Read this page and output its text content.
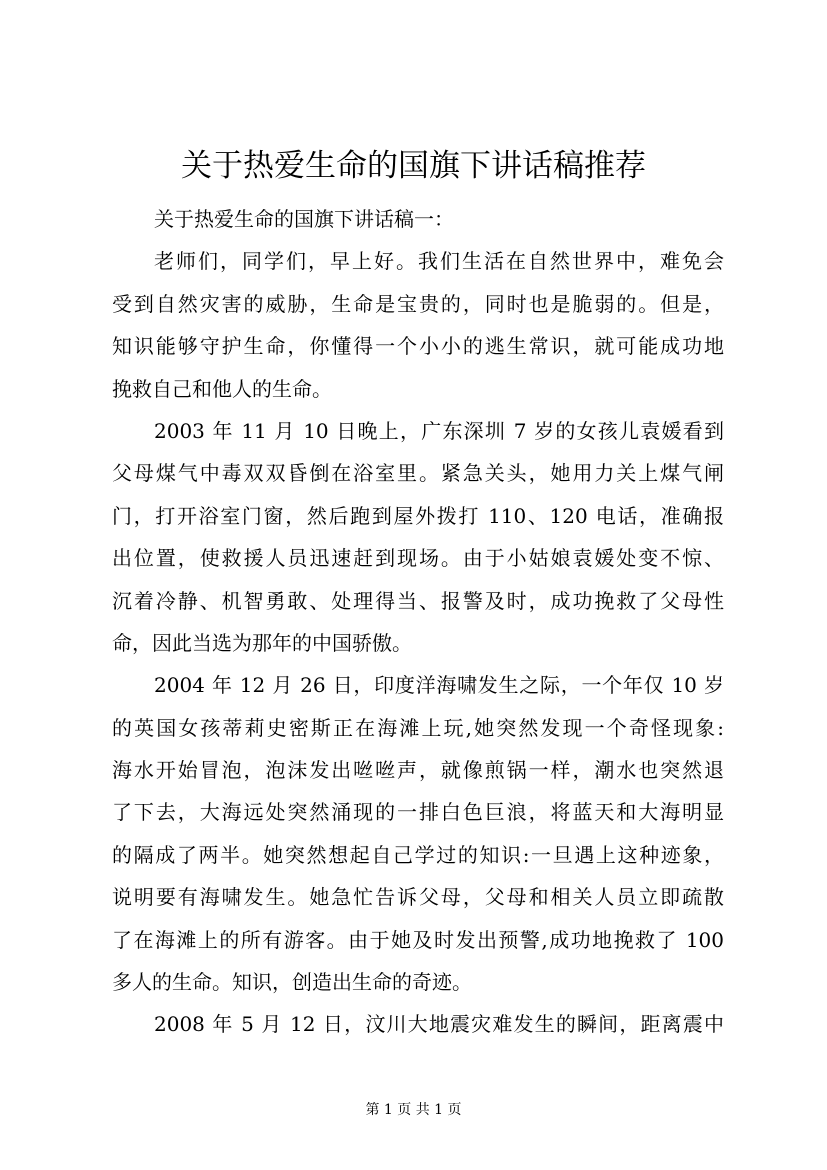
关于热爱生命的国旗下讲话稿推荐
关于热爱生命的国旗下讲话稿一：
老师们，同学们，早上好。我们生活在自然世界中，难免会
受到自然灾害的威胁，生命是宝贵的，同时也是脆弱的。但是，
知识能够守护生命，你懂得一个小小的逃生常识，就可能成功地
挽救自己和他人的生命。
2003 年 11 月 10 日晚上，广东深圳 7 岁的女孩儿袁媛看到
父母煤气中毒双双昏倒在浴室里。紧急关头，她用力关上煤气闸
门，打开浴室门窗，然后跑到屋外拨打 110、120 电话，准确报
出位置，使救援人员迅速赶到现场。由于小姑娘袁媛处变不惊、
沉着冷静、机智勇敢、处理得当、报警及时，成功挽救了父母性
命，因此当选为那年的中国骄傲。
2004 年 12 月 26 日，印度洋海啸发生之际，一个年仅 10 岁
的英国女孩蒂莉史密斯正在海滩上玩,她突然发现一个奇怪现象:
海水开始冒泡，泡沫发出咝咝声，就像煎锅一样，潮水也突然退
了下去，大海远处突然涌现的一排白色巨浪，将蓝天和大海明显
的隔成了两半。她突然想起自己学过的知识:一旦遇上这种迹象，
说明要有海啸发生。她急忙告诉父母，父母和相关人员立即疏散
了在海滩上的所有游客。由于她及时发出预警,成功地挽救了 100
多人的生命。知识，创造出生命的奇迹。
2008 年 5 月 12 日，汶川大地震灾难发生的瞬间，距离震中
第 1 页 共 1 页
